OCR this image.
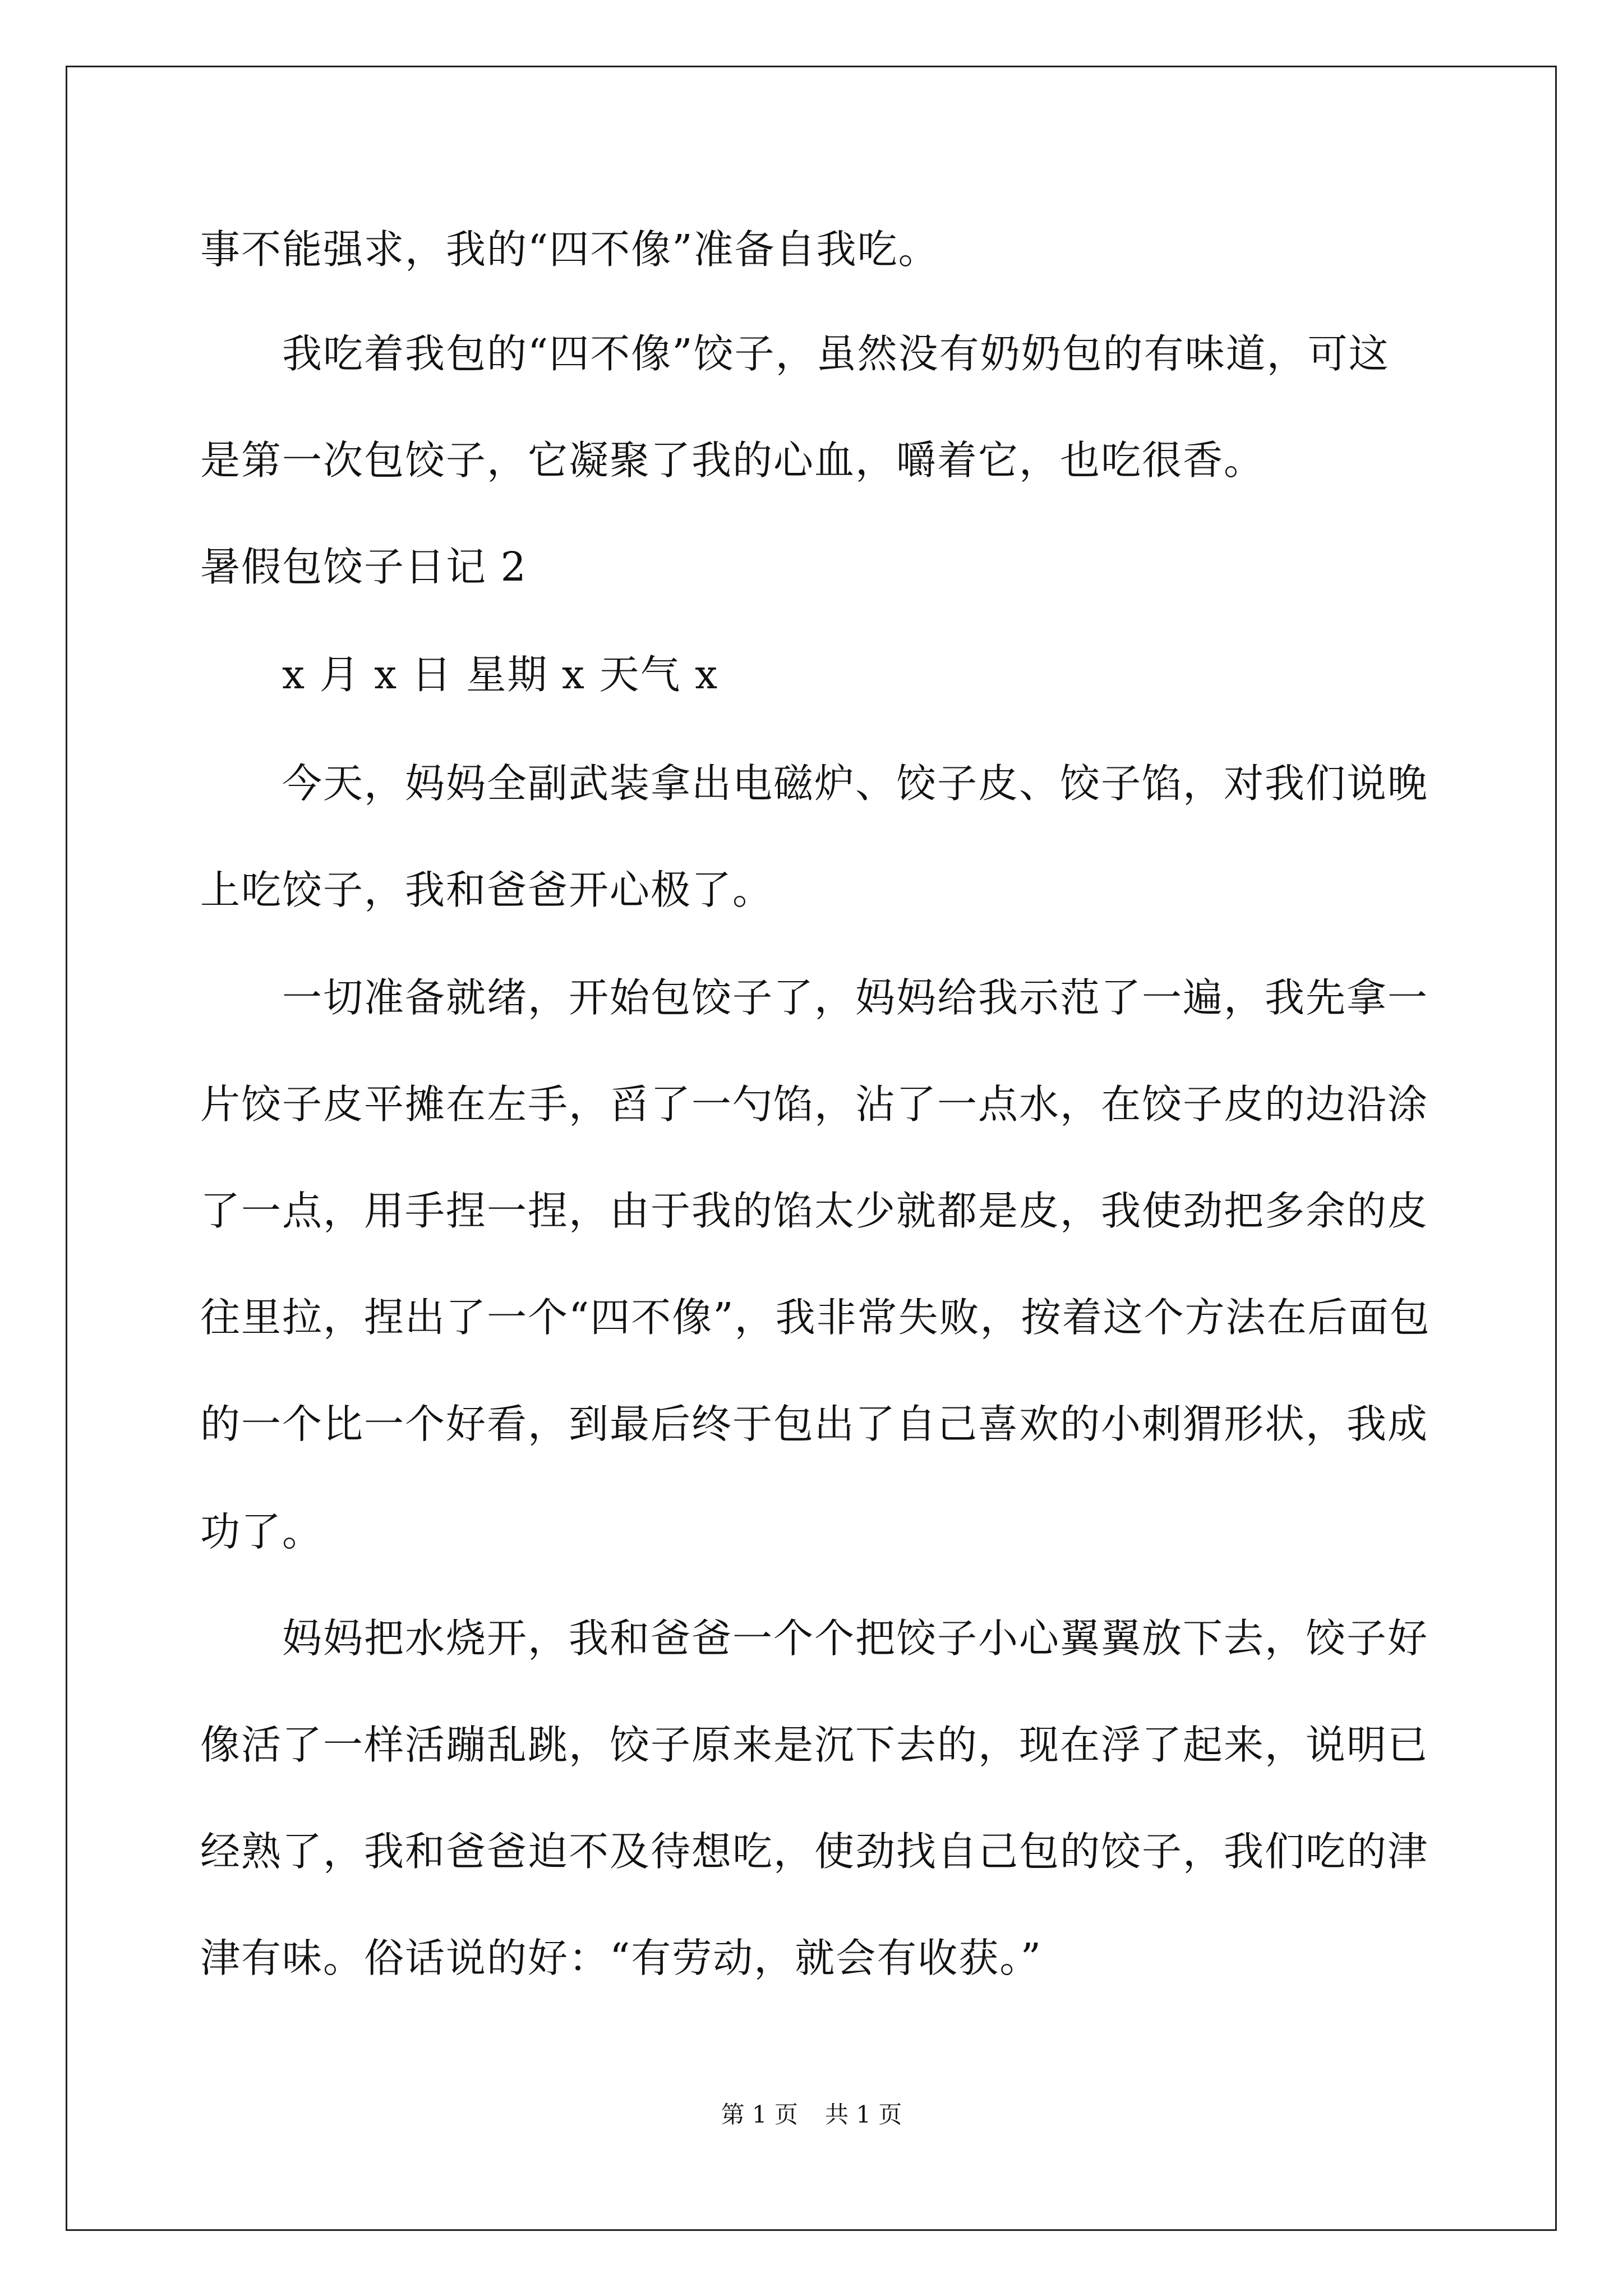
事不能强求，我的“四不像”准备自我吃。
我吃着我包的“四不像”饺子，虽然没有奶奶包的有味道，可这
是第一次包饺子，它凝聚了我的心血，嚼着它，也吃很香。
暑假包饺子日记 2
x 月 x 日 星期 x 天气 x
今天，妈妈全副武装拿出电磁炉、饺子皮、饺子馅，对我们说晚
上吃饺子，我和爸爸开心极了。
一切准备就绪，开始包饺子了，妈妈给我示范了一遍，我先拿一
片饺子皮平摊在左手，舀了一勺馅，沾了一点水，在饺子皮的边沿涂
了一点，用手捏一捏，由于我的馅太少就都是皮，我使劲把多余的皮
往里拉，捏出了一个“四不像”，我非常失败，按着这个方法在后面包
的一个比一个好看，到最后终于包出了自己喜欢的小刺猬形状，我成
功了。
妈妈把水烧开，我和爸爸一个个把饺子小心翼翼放下去，饺子好
像活了一样活蹦乱跳，饺子原来是沉下去的，现在浮了起来，说明已
经熟了，我和爸爸迫不及待想吃，使劲找自己包的饺子，我们吃的津
津有味。俗话说的好：“有劳动，就会有收获。”
第 1 页 共 1 页
